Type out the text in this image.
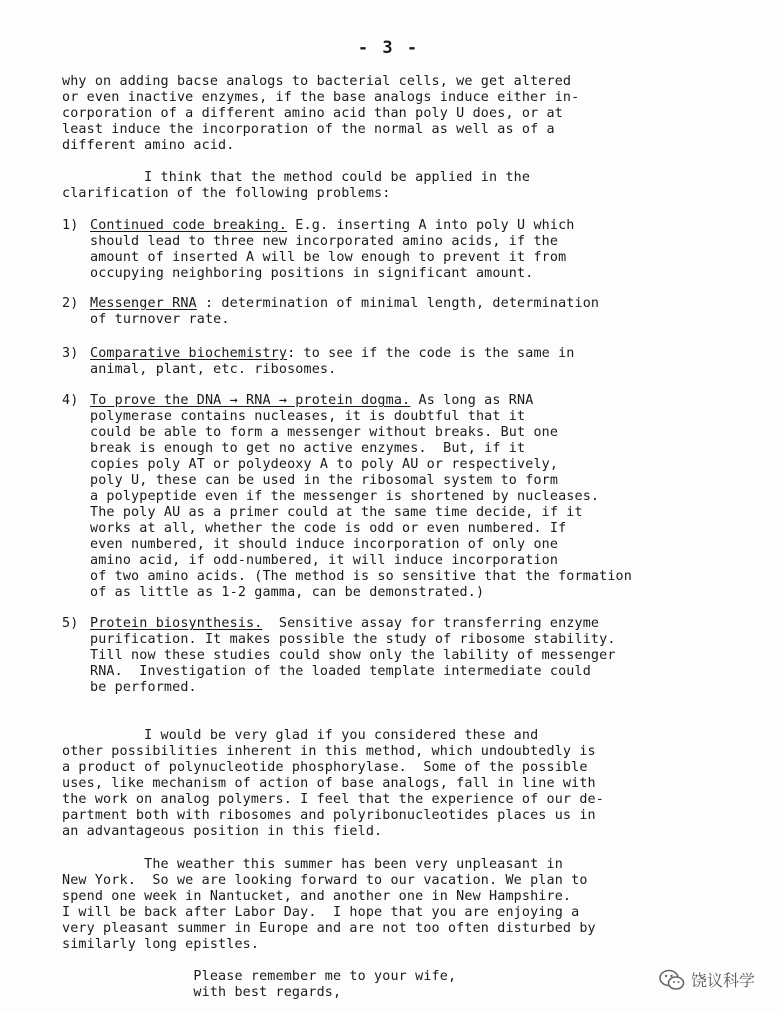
- 3 -

why on adding bacse analogs to bacterial cells, we get altered
or even inactive enzymes, if the base analogs induce either in-
corporation of a different amino acid than poly U does, or at
least induce the incorporation of the normal as well as of a
different amino acid.

I think that the method could be applied in the
clarification of the following problems:

1)

Continued code breaking. E.g. inserting A into poly U which
should lead to three new incorporated amino acids, if the
amount of inserted A will be low enough to prevent it from
occupying neighboring positions in significant amount.

2)

Messenger RNA : determination of minimal length, determination
of turnover rate.

3)

Comparative biochemistry: to see if the code is the same in
animal, plant, etc. ribosomes.

4)

To prove the DNA → RNA → protein dogma. As long as RNA
polymerase contains nucleases, it is doubtful that it
could be able to form a messenger without breaks. But one
break is enough to get no active enzymes.  But, if it
copies poly AT or polydeoxy A to poly AU or respectively,
poly U, these can be used in the ribosomal system to form
a polypeptide even if the messenger is shortened by nucleases.
The poly AU as a primer could at the same time decide, if it
works at all, whether the code is odd or even numbered. If
even numbered, it should induce incorporation of only one
amino acid, if odd-numbered, it will induce incorporation
of two amino acids. (The method is so sensitive that the formation
of as little as 1-2 gamma, can be demonstrated.)

5)

Protein biosynthesis.  Sensitive assay for transferring enzyme
purification. It makes possible the study of ribosome stability.
Till now these studies could show only the lability of messenger
RNA.  Investigation of the loaded template intermediate could
be performed.

I would be very glad if you considered these and
other possibilities inherent in this method, which undoubtedly is
a product of polynucleotide phosphorylase.  Some of the possible
uses, like mechanism of action of base analogs, fall in line with
the work on analog polymers. I feel that the experience of our de-
partment both with ribosomes and polyribonucleotides places us in
an advantageous position in this field.

The weather this summer has been very unpleasant in
New York.  So we are looking forward to our vacation. We plan to
spend one week in Nantucket, and another one in New Hampshire.
I will be back after Labor Day.  I hope that you are enjoying a
very pleasant summer in Europe and are not too often disturbed by
similarly long epistles.

Please remember me to your wife,
with best regards,

饶议科学
